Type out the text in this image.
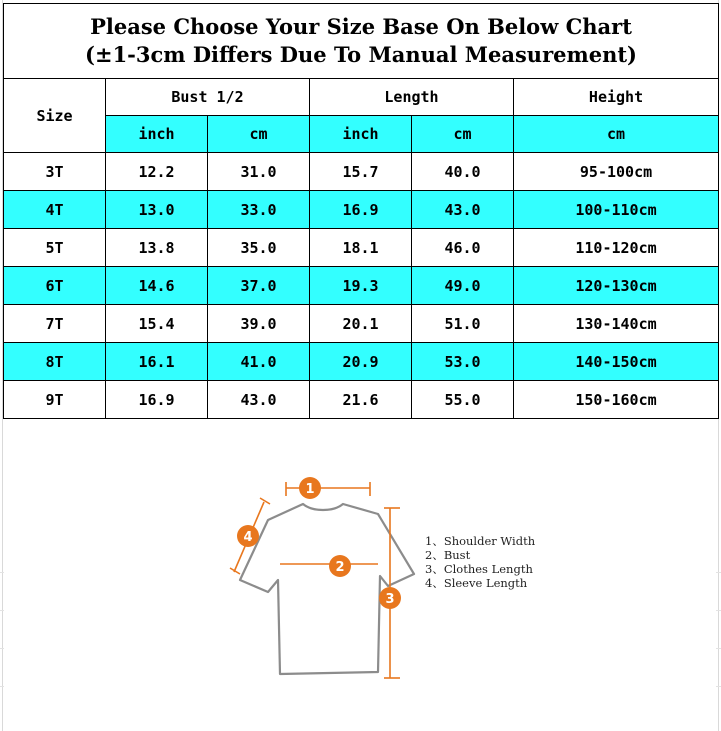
Please Choose Your Size Base On Below Chart
(±1-3cm Differs Due To Manual Measurement)					

Size	Bust 1/2		Length		Height
	inch	cm	inch	cm	cm
3T	12.2	31.0	15.7	40.0	95-100cm
4T	13.0	33.0	16.9	43.0	100-110cm
5T	13.8	35.0	18.1	46.0	110-120cm
6T	14.6	37.0	19.3	49.0	120-130cm
7T	15.4	39.0	20.1	51.0	130-140cm
8T	16.1	41.0	20.9	53.0	140-150cm
9T	16.9	43.0	21.6	55.0	150-160cm
1
2
3
4	1、Shoulder Width
2、Bust
3、Clothes Length
4、Sleeve Length
